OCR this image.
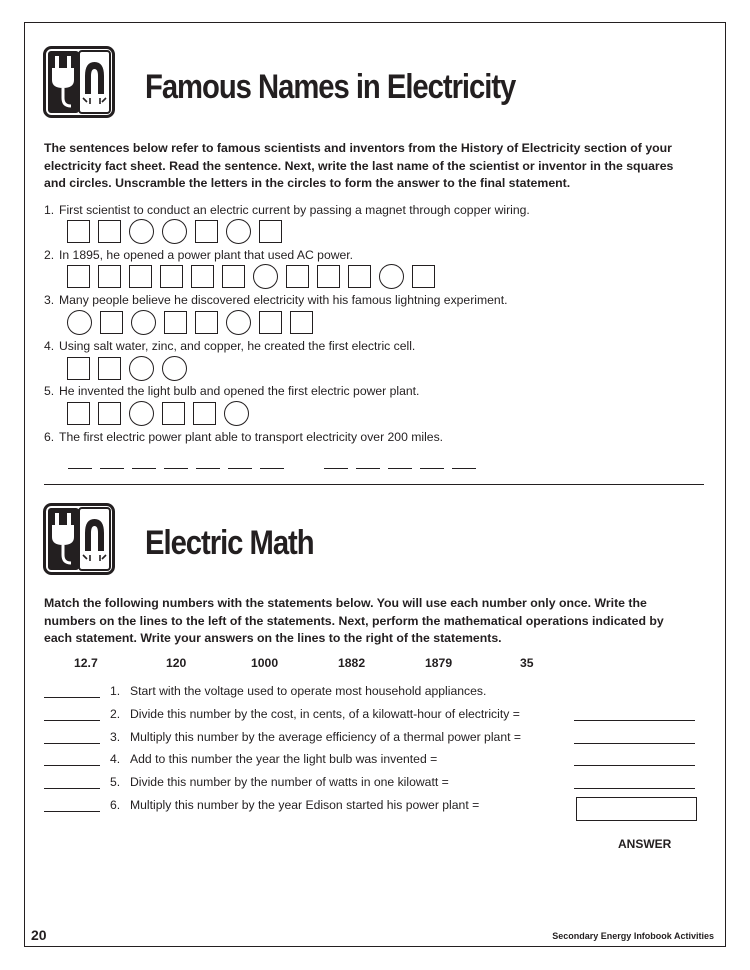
Famous Names in Electricity
The sentences below refer to famous scientists and inventors from the History of Electricity section of your electricity fact sheet. Read the sentence. Next, write the last name of the scientist or inventor in the squares and circles. Unscramble the letters in the circles to form the answer to the final statement.
1. First scientist to conduct an electric current by passing a magnet through copper wiring.
2. In 1895, he opened a power plant that used AC power.
3. Many people believe he discovered electricity with his famous lightning experiment.
4. Using salt water, zinc, and copper, he created the first electric cell.
5. He invented the light bulb and opened the first electric power plant.
6. The first electric power plant able to transport electricity over 200 miles.
Electric Math
Match the following numbers with the statements below. You will use each number only once. Write the numbers on the lines to the left of the statements. Next, perform the mathematical operations indicated by each statement. Write your answers on the lines to the right of the statements.
12.7	120	1000	1882	1879	35
1. Start with the voltage used to operate most household appliances.
2. Divide this number by the cost, in cents, of a kilowatt-hour of electricity =
3. Multiply this number by the average efficiency of a thermal power plant =
4. Add to this number the year the light bulb was invented =
5. Divide this number by the number of watts in one kilowatt =
6. Multiply this number by the year Edison started his power plant =
ANSWER
20	Secondary Energy Infobook Activities
